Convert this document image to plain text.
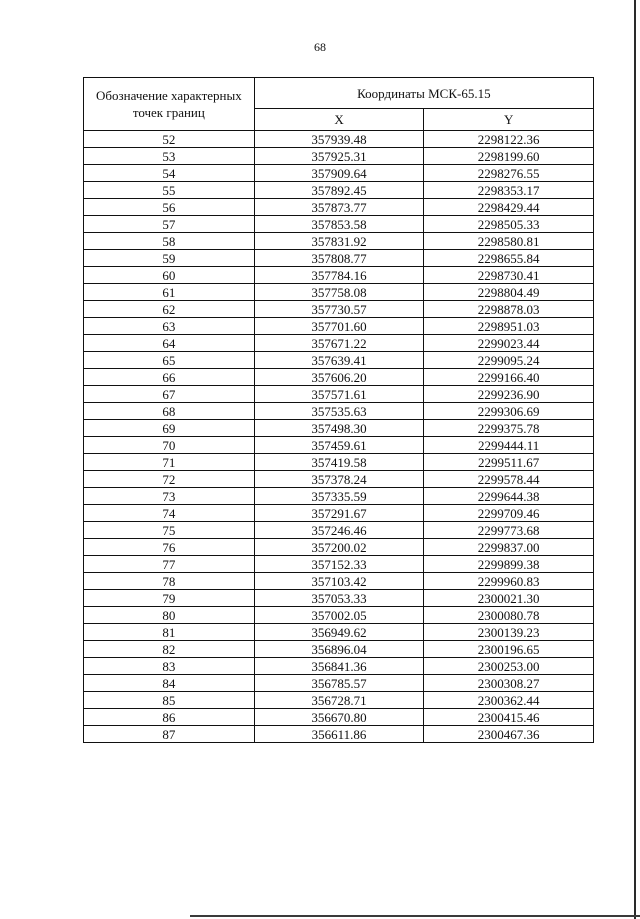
68
Обозначение характерных точек границ	Координаты МСК-65.15	
	X	Y
52	357939.48	2298122.36
53	357925.31	2298199.60
54	357909.64	2298276.55
55	357892.45	2298353.17
56	357873.77	2298429.44
57	357853.58	2298505.33
58	357831.92	2298580.81
59	357808.77	2298655.84
60	357784.16	2298730.41
61	357758.08	2298804.49
62	357730.57	2298878.03
63	357701.60	2298951.03
64	357671.22	2299023.44
65	357639.41	2299095.24
66	357606.20	2299166.40
67	357571.61	2299236.90
68	357535.63	2299306.69
69	357498.30	2299375.78
70	357459.61	2299444.11
71	357419.58	2299511.67
72	357378.24	2299578.44
73	357335.59	2299644.38
74	357291.67	2299709.46
75	357246.46	2299773.68
76	357200.02	2299837.00
77	357152.33	2299899.38
78	357103.42	2299960.83
79	357053.33	2300021.30
80	357002.05	2300080.78
81	356949.62	2300139.23
82	356896.04	2300196.65
83	356841.36	2300253.00
84	356785.57	2300308.27
85	356728.71	2300362.44
86	356670.80	2300415.46
87	356611.86	2300467.36
